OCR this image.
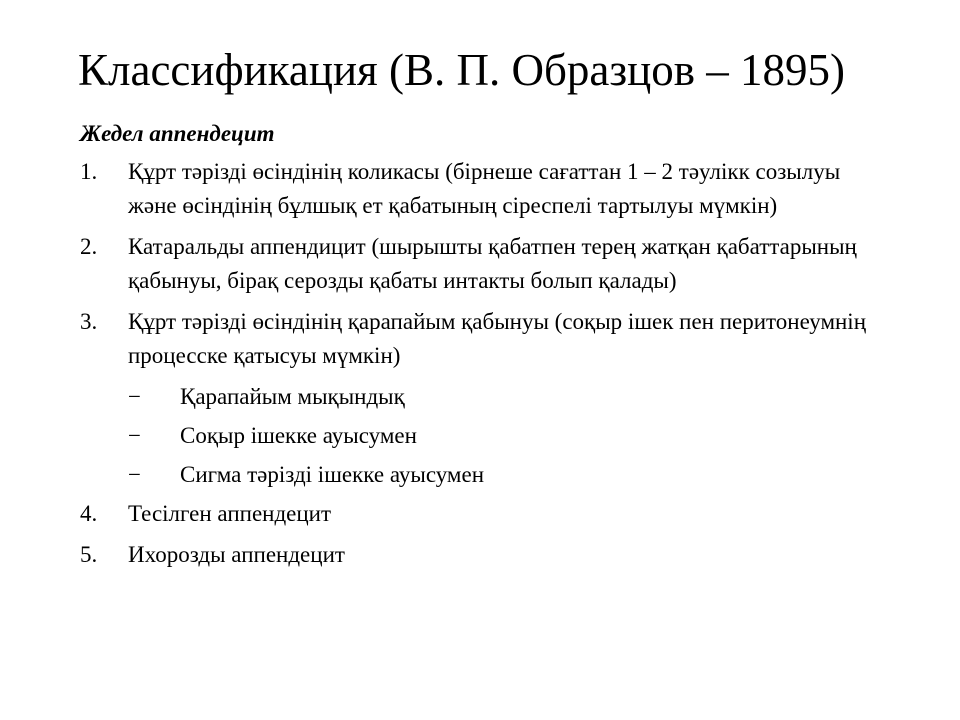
Классификация (В. П. Образцов – 1895)
Жедел аппендецит
1.	Құрт тәрізді өсіндінің коликасы (бірнеше сағаттан 1 – 2 тәулікк созылуы және өсіндінің бұлшық ет қабатының сіреспелі тартылуы мүмкін)
2.	Катаральды аппендицит (шырышты қабатпен терең жатқан қабаттарының қабынуы, бірақ серозды қабаты интакты болып қалады)
3.	Құрт тәрізді өсіндінің қарапайым қабынуы (соқыр ішек пен перитонеумнің процесске қатысуы мүмкін)
−	Қарапайым мықындық
−	Соқыр ішекке ауысумен
−	Сигма тәрізді ішекке ауысумен
4.	Тесілген аппендецит
5.	Ихорозды аппендецит
